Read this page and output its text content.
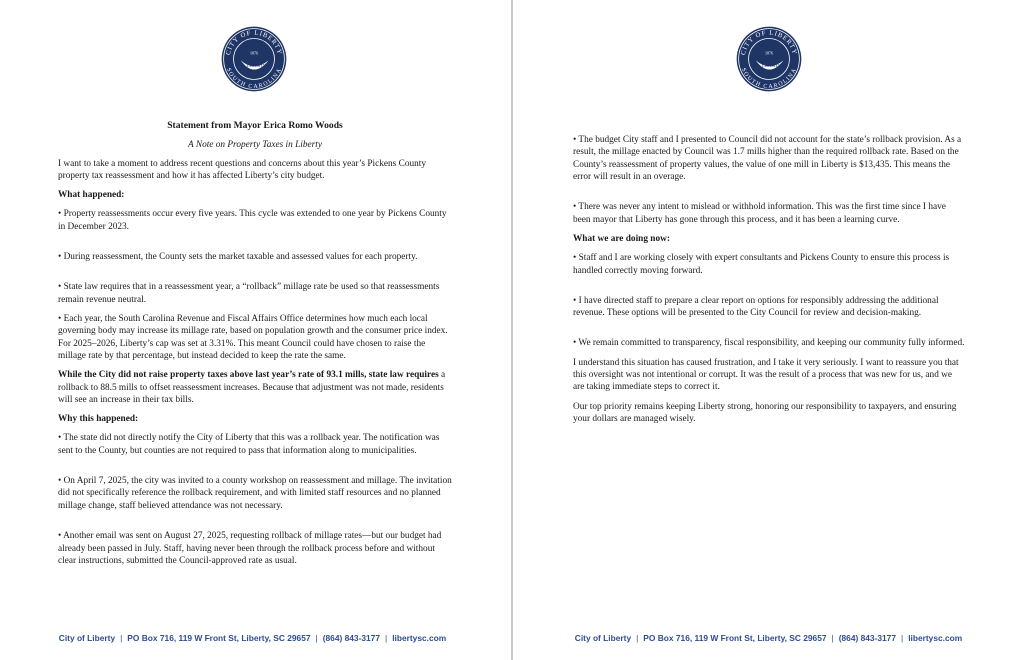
CITY OF LIBERTY
SOUTH CAROLINA
1876
LIBERTY

Statement from Mayor Erica Romo Woods

A Note on Property Taxes in Liberty

I want to take a moment to address recent questions and concerns about this year’s Pickens County property tax reassessment and how it has affected Liberty’s city budget.

What happened:

• Property reassessments occur every five years. This cycle was extended to one year by Pickens County in December 2023.

• During reassessment, the County sets the market taxable and assessed values for each property.

• State law requires that in a reassessment year, a “rollback” millage rate be used so that reassessments remain revenue neutral.

• Each year, the South Carolina Revenue and Fiscal Affairs Office determines how much each local governing body may increase its millage rate, based on population growth and the consumer price index. For 2025–2026, Liberty’s cap was set at 3.31%. This meant Council could have chosen to raise the millage rate by that percentage, but instead decided to keep the rate the same.

While the City did not raise property taxes above last year’s rate of 93.1 mills, state law requires a rollback to 88.5 mills to offset reassessment increases. Because that adjustment was not made, residents will see an increase in their tax bills.

Why this happened:

• The state did not directly notify the City of Liberty that this was a rollback year. The notification was sent to the County, but counties are not required to pass that information along to municipalities.

• On April 7, 2025, the city was invited to a county workshop on reassessment and millage. The invitation did not specifically reference the rollback requirement, and with limited staff resources and no planned millage change, staff believed attendance was not necessary.

• Another email was sent on August 27, 2025, requesting rollback of millage rates—but our budget had already been passed in July. Staff, having never been through the rollback process before and without clear instructions, submitted the Council-approved rate as usual.

City of Liberty | PO Box 716, 119 W Front St, Liberty, SC 29657 | (864) 843-3177 | libertysc.com
CITY OF LIBERTY
SOUTH CAROLINA
1876
LIBERTY

• The budget City staff and I presented to Council did not account for the state’s rollback provision. As a result, the millage enacted by Council was 1.7 mills higher than the required rollback rate. Based on the County’s reassessment of property values, the value of one mill in Liberty is $13,435. This means the error will result in an overage.

• There was never any intent to mislead or withhold information. This was the first time since I have been mayor that Liberty has gone through this process, and it has been a learning curve.

What we are doing now:

• Staff and I are working closely with expert consultants and Pickens County to ensure this process is handled correctly moving forward.

• I have directed staff to prepare a clear report on options for responsibly addressing the additional revenue. These options will be presented to the City Council for review and decision-making.

• We remain committed to transparency, fiscal responsibility, and keeping our community fully informed.

I understand this situation has caused frustration, and I take it very seriously. I want to reassure you that this oversight was not intentional or corrupt. It was the result of a process that was new for us, and we are taking immediate steps to correct it.

Our top priority remains keeping Liberty strong, honoring our responsibility to taxpayers, and ensuring your dollars are managed wisely.

City of Liberty | PO Box 716, 119 W Front St, Liberty, SC 29657 | (864) 843-3177 | libertysc.com
